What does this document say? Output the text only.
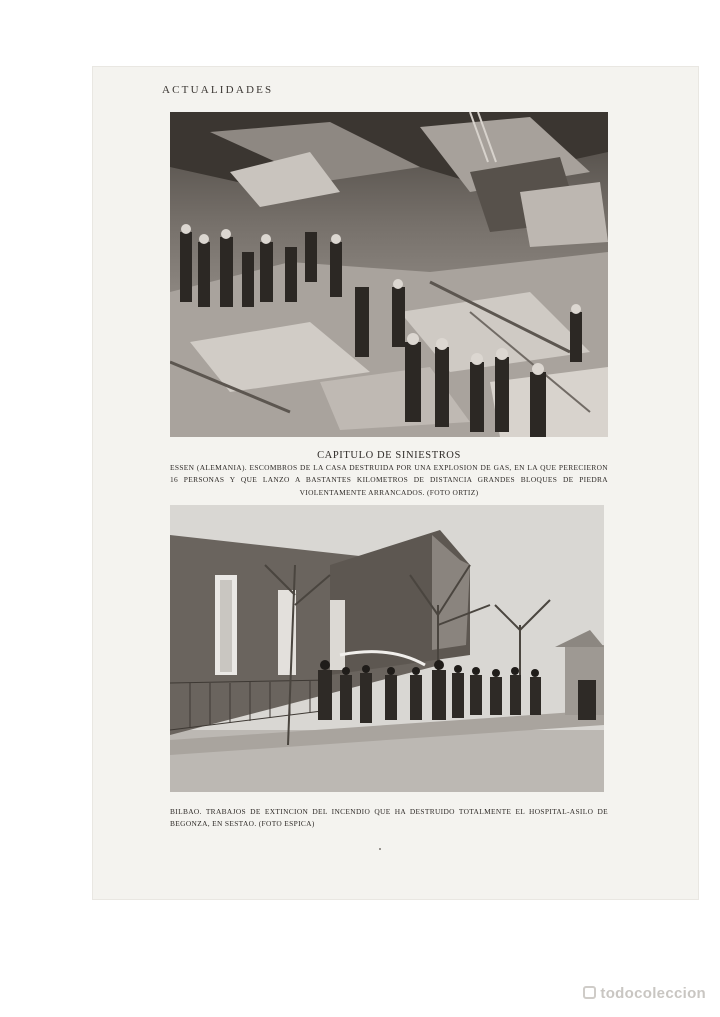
ACTUALIDADES
CAPITULO DE SINIESTROS
ESSEN (ALEMANIA). ESCOMBROS DE LA CASA DESTRUIDA POR UNA EXPLOSION DE GAS, EN LA QUE PERECIERON 16 PERSONAS Y QUE LANZO A BASTANTES KILOMETROS DE DISTANCIA GRANDES BLOQUES DE PIEDRA VIOLENTAMENTE ARRANCADOS. (FOTO ORTIZ)
BILBAO. TRABAJOS DE EXTINCION DEL INCENDIO QUE HA DESTRUIDO TOTALMENTE EL HOSPITAL-ASILO DE BEGONZA, EN SESTAO. (FOTO ESPICA)
todocoleccion
